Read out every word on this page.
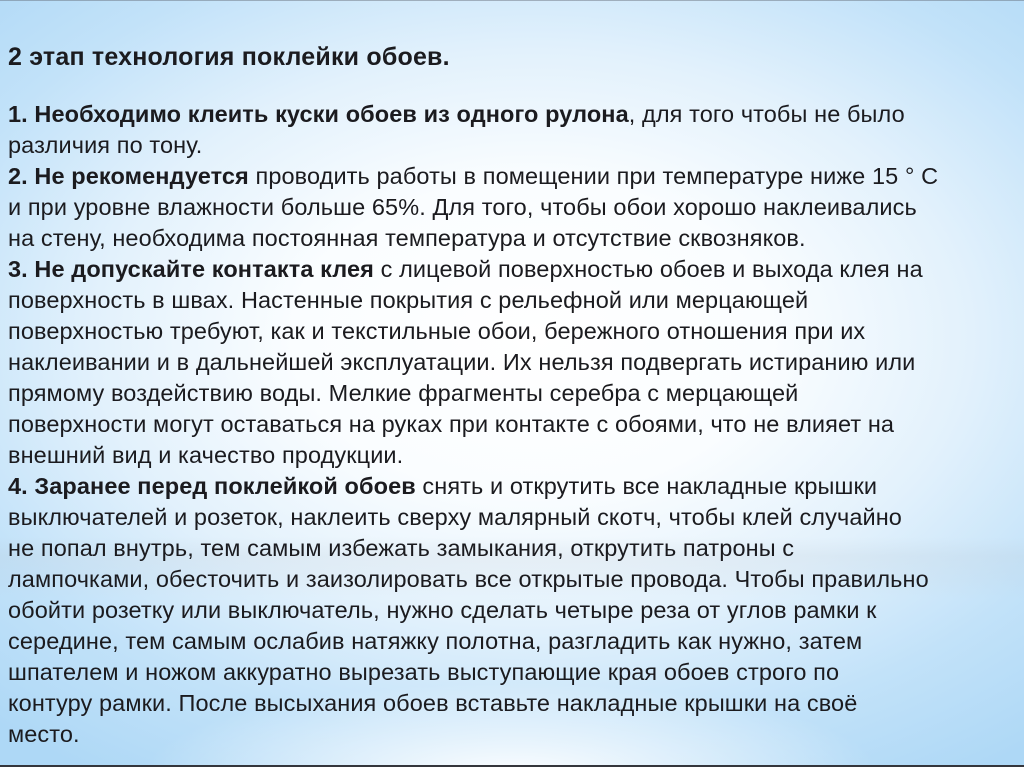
2 этап технология поклейки обоев.
1. Необходимо клеить куски обоев из одного рулона, для того чтобы не было
различия по тону.
2. Не рекомендуется проводить работы в помещении при температуре ниже 15 ° С
и при уровне влажности больше 65%. Для того, чтобы обои хорошо наклеивались
на стену, необходима постоянная температура и отсутствие сквозняков.
3. Не допускайте контакта клея с лицевой поверхностью обоев и выхода клея на
поверхность в швах. Настенные покрытия с рельефной или мерцающей
поверхностью требуют, как и текстильные обои, бережного отношения при их
наклеивании и в дальнейшей эксплуатации. Их нельзя подвергать истиранию или
прямому воздействию воды. Мелкие фрагменты серебра с мерцающей
поверхности могут оставаться на руках при контакте с обоями, что не влияет на
внешний вид и качество продукции.
4. Заранее перед поклейкой обоев снять и открутить все накладные крышки
выключателей и розеток, наклеить сверху малярный скотч, чтобы клей случайно
не попал внутрь, тем самым избежать замыкания, открутить патроны с
лампочками, обесточить и заизолировать все открытые провода. Чтобы правильно
обойти розетку или выключатель, нужно сделать четыре реза от углов рамки к
середине, тем самым ослабив натяжку полотна, разгладить как нужно, затем
шпателем и ножом аккуратно вырезать выступающие края обоев строго по
контуру рамки. После высыхания обоев вставьте накладные крышки на своё
место.
